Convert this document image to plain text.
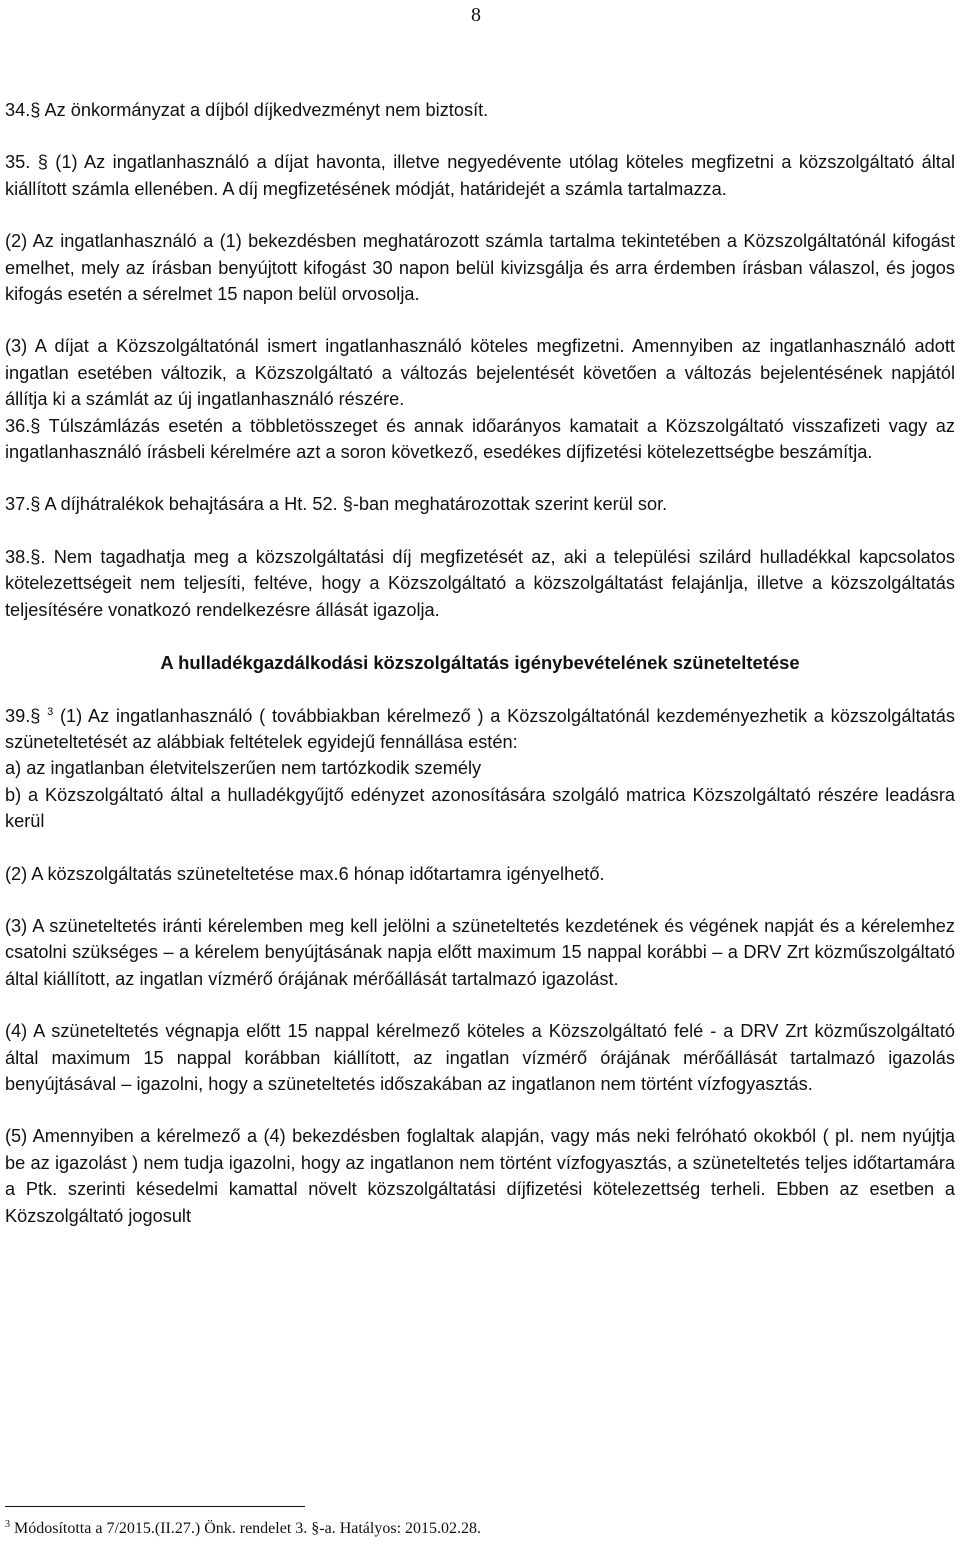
8

34.§ Az önkormányzat a díjból díjkedvezményt nem biztosít.

35. § (1) Az ingatlanhasználó a díjat havonta, illetve negyedévente utólag köteles megfizetni a közszolgáltató által kiállított számla ellenében. A díj megfizetésének módját, határidejét a számla tartalmazza.

(2) Az ingatlanhasználó a (1) bekezdésben meghatározott számla tartalma tekintetében a Közszolgáltatónál kifogást emelhet, mely az írásban benyújtott kifogást 30 napon belül kivizsgálja és arra érdemben írásban válaszol, és jogos kifogás esetén a sérelmet 15 napon belül orvosolja.

(3) A díjat a Közszolgáltatónál ismert ingatlanhasználó köteles megfizetni. Amennyiben az ingatlanhasználó adott ingatlan esetében változik, a Közszolgáltató a változás bejelentését követően a változás bejelentésének napjától állítja ki a számlát az új ingatlanhasználó részére.

36.§ Túlszámlázás esetén a többletösszeget és annak időarányos kamatait a Közszolgáltató visszafizeti vagy az ingatlanhasználó írásbeli kérelmére azt a soron következő, esedékes díjfizetési kötelezettségbe beszámítja.

37.§ A díjhátralékok behajtására a Ht. 52. §-ban meghatározottak szerint kerül sor.

38.§. Nem tagadhatja meg a közszolgáltatási díj megfizetését az, aki a települési szilárd hulladékkal kapcsolatos kötelezettségeit nem teljesíti, feltéve, hogy a Közszolgáltató a közszolgáltatást felajánlja, illetve a közszolgáltatás teljesítésére vonatkozó rendelkezésre állását igazolja.

A hulladékgazdálkodási közszolgáltatás igénybevételének szüneteltetése

39.§ $^3$ (1) Az ingatlanhasználó ( továbbiakban kérelmező ) a Közszolgáltatónál kezdeményezhetik a közszolgáltatás szüneteltetését az alábbiak feltételek egyidejű fennállása estén:

a) az ingatlanban életvitelszerűen nem tartózkodik személy

b) a Közszolgáltató által a hulladékgyűjtő edényzet azonosítására szolgáló matrica Közszolgáltató részére leadásra kerül

(2) A közszolgáltatás szüneteltetése max.6 hónap időtartamra igényelhető.

(3) A szüneteltetés iránti kérelemben meg kell jelölni a szüneteltetés kezdetének és végének napját és a kérelemhez csatolni szükséges – a kérelem benyújtásának napja előtt maximum 15 nappal korábbi – a DRV Zrt közműszolgáltató által kiállított, az ingatlan vízmérő órájának mérőállását tartalmazó igazolást.

(4) A szüneteltetés végnapja előtt 15 nappal kérelmező köteles a Közszolgáltató felé - a DRV Zrt közműszolgáltató által maximum 15 nappal korábban kiállított, az ingatlan vízmérő órájának mérőállását tartalmazó igazolás benyújtásával – igazolni, hogy a szüneteltetés időszakában az ingatlanon nem történt vízfogyasztás.

(5) Amennyiben a kérelmező a (4) bekezdésben foglaltak alapján, vagy más neki felróható okokból ( pl. nem nyújtja be az igazolást ) nem tudja igazolni, hogy az ingatlanon nem történt vízfogyasztás, a szüneteltetés teljes időtartamára a Ptk. szerinti késedelmi kamattal növelt közszolgáltatási díjfizetési kötelezettség terheli. Ebben az esetben a Közszolgáltató jogosult

$^3$ Módosította a 7/2015.(II.27.) Önk. rendelet 3. §-a. Hatályos: 2015.02.28.
